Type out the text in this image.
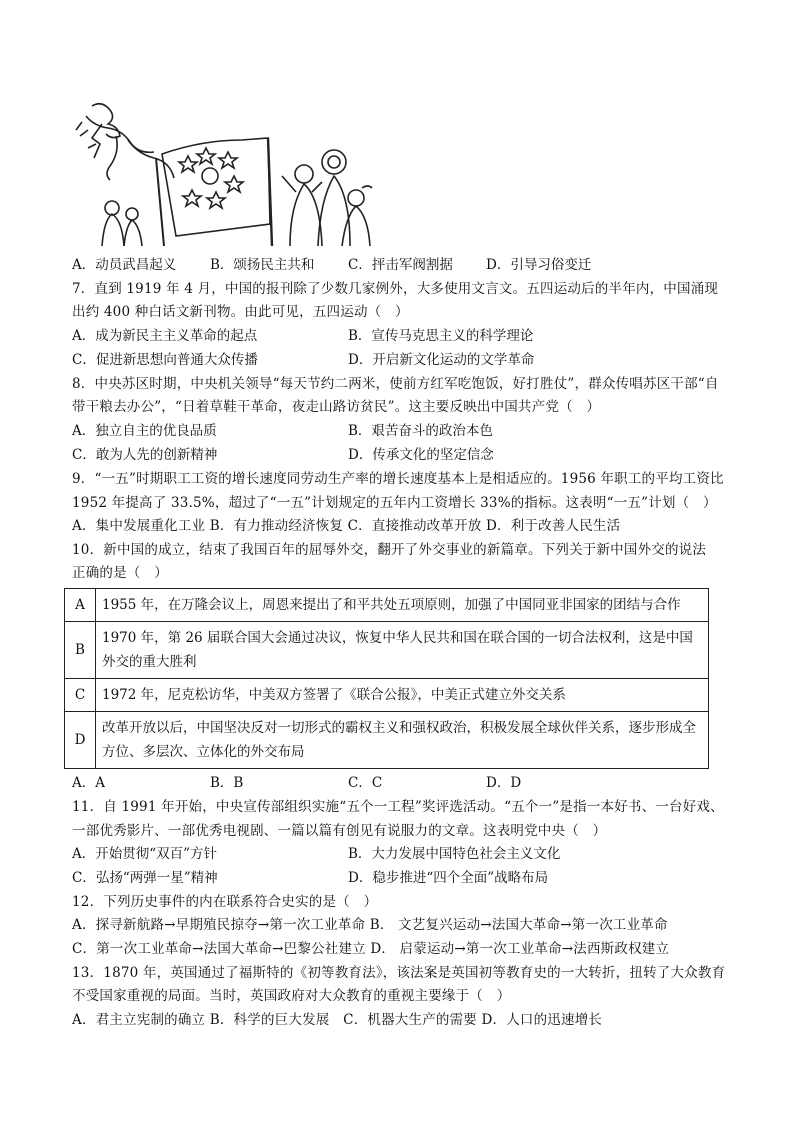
A．动员武昌起义	B．颂扬民主共和 C．抨击军阀割据 D．引导习俗变迁
7．直到 1919 年 4 月，中国的报刊除了少数几家例外，大多使用文言文。五四运动后的半年内，中国涌现
出约 400 种白话文新刊物。由此可见，五四运动（　）
A．成为新民主主义革命的起点	B．宣传马克思主义的科学理论
C．促进新思想向普通大众传播	D．开启新文化运动的文学革命
8．中央苏区时期，中央机关领导“每天节约二两米，使前方红军吃饱饭，好打胜仗”，群众传唱苏区干部“自
带干粮去办公”，“日着草鞋干革命，夜走山路访贫民”。这主要反映出中国共产党（　）
A．独立自主的优良品质	B．艰苦奋斗的政治本色
C．敢为人先的创新精神	D．传承文化的坚定信念
9．“一五”时期职工工资的增长速度同劳动生产率的增长速度基本上是相适应的。1956 年职工的平均工资比
1952 年提高了 33.5%，超过了“一五”计划规定的五年内工资增长 33%的指标。这表明“一五”计划（　）
A．集中发展重化工业 B．有力推动经济恢复 C．直接推动改革开放 D．利于改善人民生活
10．新中国的成立，结束了我国百年的屈辱外交，翻开了外交事业的新篇章。下列关于新中国外交的说法
正确的是（　）
A	1955 年，在万隆会议上，周恩来提出了和平共处五项原则，加强了中国同亚非国家的团结与合作
B	1970 年，第 26 届联合国大会通过决议，恢复中华人民共和国在联合国的一切合法权利，这是中国外交的重大胜利
C	1972 年，尼克松访华，中美双方签署了《联合公报》，中美正式建立外交关系
D	改革开放以后，中国坚决反对一切形式的霸权主义和强权政治，积极发展全球伙伴关系，逐步形成全方位、多层次、立体化的外交布局
A．A	B．B	C．C	D．D
11．自 1991 年开始，中央宣传部组织实施“五个一工程”奖评选活动。“五个一”是指一本好书、一台好戏、
一部优秀影片、一部优秀电视剧、一篇以篇有创见有说服力的文章。这表明党中央（　）
A．开始贯彻“双百”方针	B．大力发展中国特色社会主义文化
C．弘扬“两弹一星”精神	D．稳步推进“四个全面”战略布局
12．下列历史事件的内在联系符合史实的是（　）
A．探寻新航路→早期殖民掠夺→第一次工业革命 B． 文艺复兴运动→法国大革命→第一次工业革命
C．第一次工业革命→法国大革命→巴黎公社建立 D． 启蒙运动→第一次工业革命→法西斯政权建立
13．1870 年，英国通过了福斯特的《初等教育法》，该法案是英国初等教育史的一大转折，扭转了大众教育
不受国家重视的局面。当时，英国政府对大众教育的重视主要缘于（　）
A．君主立宪制的确立 B．科学的巨大发展　C．机器大生产的需要 D．人口的迅速增长
